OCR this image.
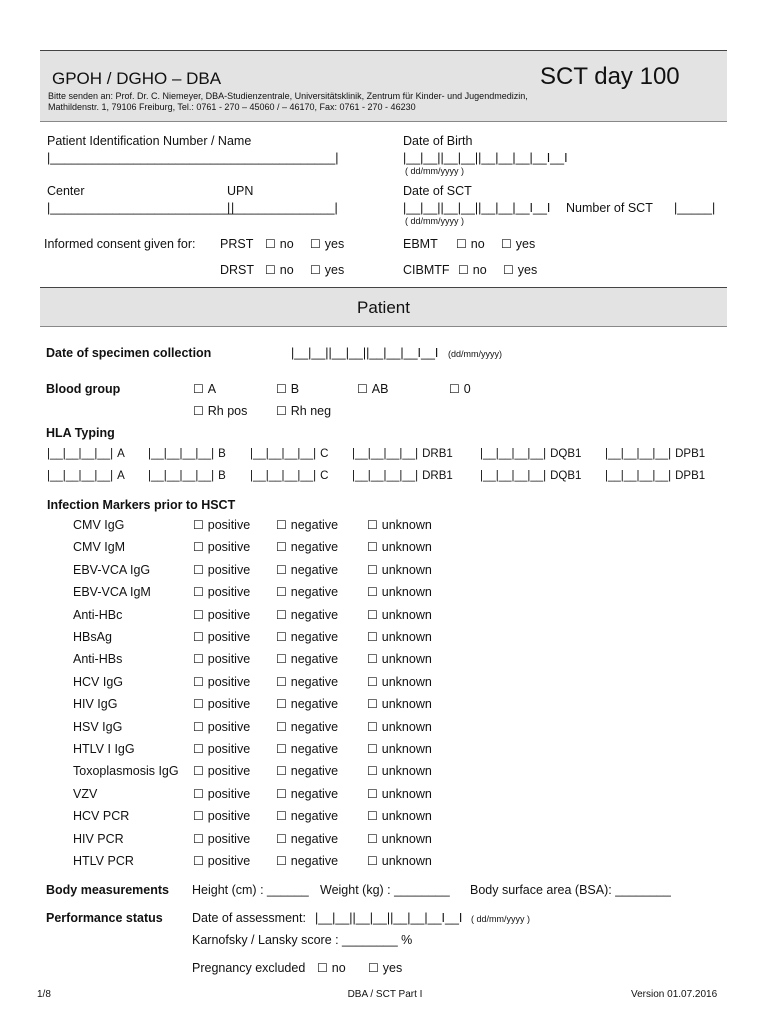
GPOH / DGHO – DBA	SCT day 100
Bitte senden an: Prof. Dr. C. Niemeyer, DBA-Studienzentrale, Universitätsklinik, Zentrum für Kinder- und Jugendmedizin,
Mathildenstr. 1, 79106 Freiburg, Tel.: 0761 - 270 – 45060 / – 46170, Fax: 0761 - 270 - 46230
Patient Identification Number / Name
|_________________________________________|
Date of Birth
|__|__||__|__||__|__|__|__I__I
( dd/mm/yyyy )
Center	UPN
|__________________________|
|_______________|
Date of SCT
|__|__||__|__||__|__|__I__I
( dd/mm/yyyy )
Number of SCT |_____|
Informed consent given for: PRST ☐ no ☐ yes	EBMT ☐ no ☐ yes
DRST ☐ no ☐ yes	CIBMTF ☐ no ☐ yes
Patient
Date of specimen collection	|__|__||__|__||__|__|__I__I (dd/mm/yyyy)
Blood group	☐ A	☐ B	☐ AB	☐ 0
☐ Rh pos ☐ Rh neg
HLA Typing
|__|__|__|__| A |__|__|__|__| B |__|__|__|__| C |__|__|__|__| DRB1 |__|__|__|__| DQB1 |__|__|__|__| DPB1
|__|__|__|__| A |__|__|__|__| B |__|__|__|__| C |__|__|__|__| DRB1 |__|__|__|__| DQB1 |__|__|__|__| DPB1
Infection Markers prior to HSCT
CMV IgG	☐ positive ☐ negative ☐ unknown
CMV IgM	☐ positive ☐ negative ☐ unknown
EBV-VCA IgG	☐ positive ☐ negative ☐ unknown
EBV-VCA IgM	☐ positive ☐ negative ☐ unknown
Anti-HBc	☐ positive ☐ negative ☐ unknown
HBsAg	☐ positive ☐ negative ☐ unknown
Anti-HBs	☐ positive ☐ negative ☐ unknown
HCV IgG	☐ positive ☐ negative ☐ unknown
HIV IgG	☐ positive ☐ negative ☐ unknown
HSV IgG	☐ positive ☐ negative ☐ unknown
HTLV I IgG	☐ positive ☐ negative ☐ unknown
Toxoplasmosis IgG ☐ positive ☐ negative ☐ unknown
VZV	☐ positive ☐ negative ☐ unknown
HCV PCR	☐ positive ☐ negative ☐ unknown
HIV PCR	☐ positive ☐ negative ☐ unknown
HTLV PCR	☐ positive ☐ negative ☐ unknown
Body measurements Height (cm) : ______ Weight (kg) : ________ Body surface area (BSA): ________
Performance status Date of assessment: |__|__||__|__||__|__|__I__I ( dd/mm/yyyy )
Karnofsky / Lansky score : ________ %
Pregnancy excluded ☐ no ☐ yes
1/8	DBA / SCT Part I	Version 01.07.2016
